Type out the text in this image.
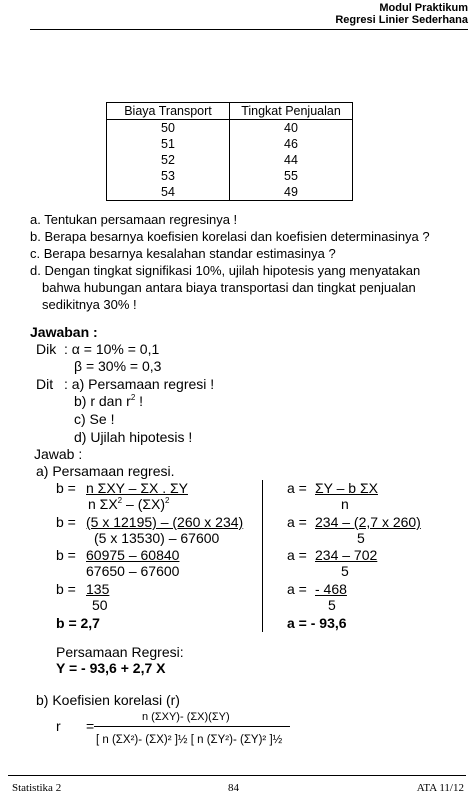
Modul Praktikum
Regresi Linier Sederhana
Biaya Transport	Tingkat Penjualan
50	40
51	46
52	44
53	55
54	49
a. Tentukan persamaan regresinya !
b. Berapa besarnya koefisien korelasi dan koefisien determinasinya ?
c. Berapa besarnya kesalahan standar estimasinya ?
d. Dengan tingkat signifikasi 10%, ujilah hipotesis yang menyatakan
bahwa hubungan antara biaya transportasi dan tingkat penjualan
sedikitnya 30% !
Jawaban :
Dik : α = 10% = 0,1
β = 30% = 0,3
Dit : a) Persamaan regresi !
b) r dan $r^2$ !
c) Se !
d) Ujilah hipotesis !
Jawab :
a) Persamaan regresi.
b = n ΣXY – ΣX . ΣY
n $\Sigma X^2 - (\Sigma X)^2$
b = (5 x 12195) – (260 x 234)
(5 x 13530) – 67600
b = 60975 – 60840
67650 – 67600
b = 135
50
b = 2,7
a = ΣY – b ΣX
n
a = 234 – (2,7 x 260)
5
a = 234 – 702
5
a = - 468
5
a = - 93,6
Persamaan Regresi:
Y = - 93,6 + 2,7 X
b) Koefisien korelasi (r)
r =
n (ΣXY)- (ΣX)(ΣY)
[ n (ΣX²)- (ΣX)² ]½ [ n (ΣY²)- (ΣY)² ]½
Statistika 2	84	ATA 11/12
